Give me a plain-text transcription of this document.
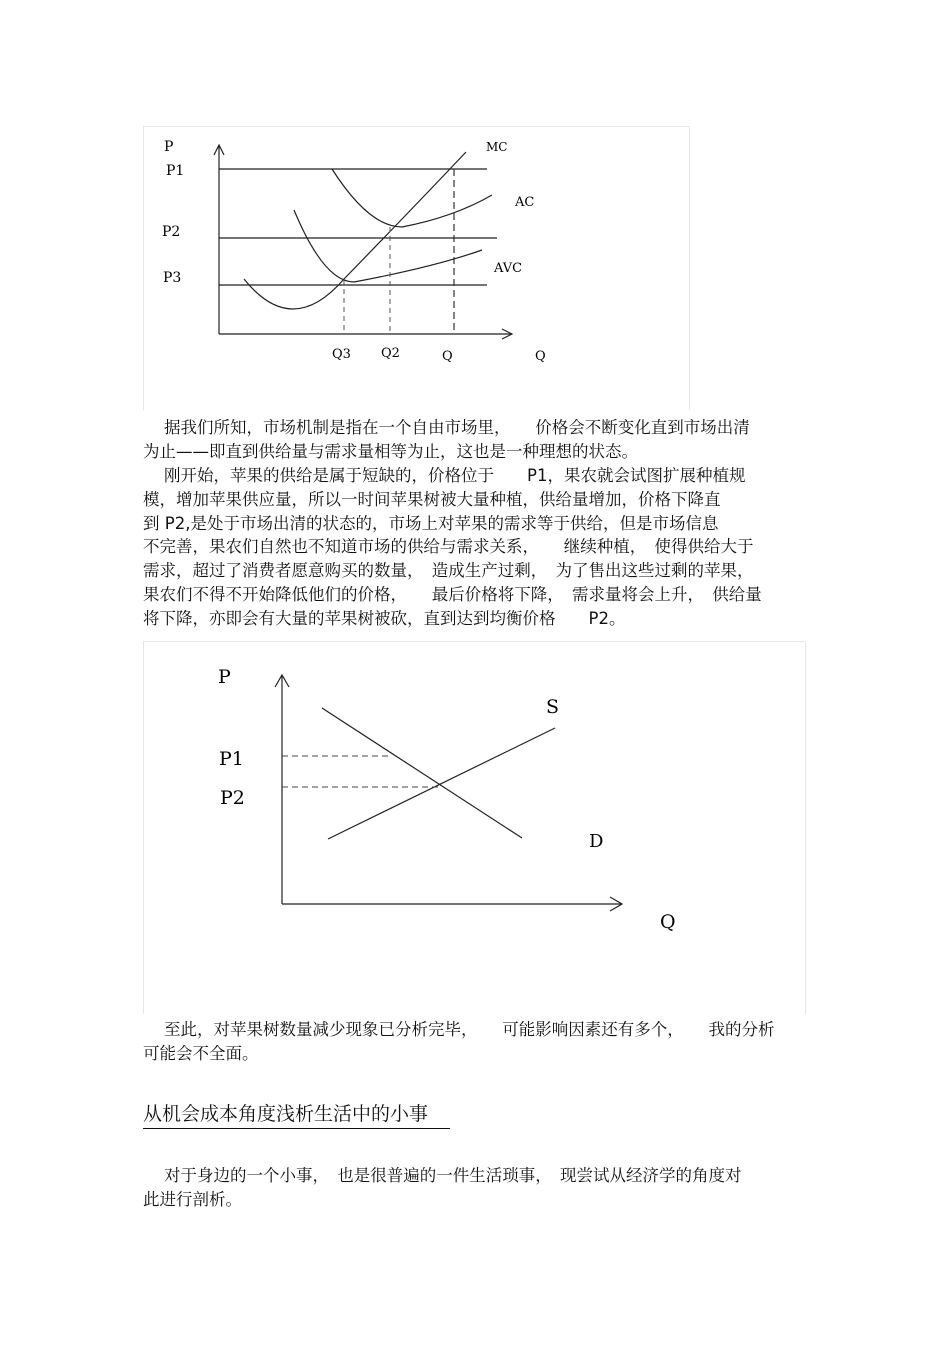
P
P1
P2
P3
MC
AC
AVC
Q3 Q2	Q	Q
据我们所知，市场机制是指在一个自由市场里，　　价格会不断变化直到市场出清
为止——即直到供给量与需求量相等为止，这也是一种理想的状态。
刚开始，苹果的供给是属于短缺的，价格位于　　P1，果农就会试图扩展种植规
模，增加苹果供应量，所以一时间苹果树被大量种植，供给量增加，价格下降直
到 P2,是处于市场出清的状态的，市场上对苹果的需求等于供给，但是市场信息
不完善，果农们自然也不知道市场的供给与需求关系，　　继续种植，　使得供给大于
需求，超过了消费者愿意购买的数量，　造成生产过剩，　为了售出这些过剩的苹果，
果农们不得不开始降低他们的价格，　　最后价格将下降，　需求量将会上升，　供给量
将下降，亦即会有大量的苹果树被砍，直到达到均衡价格　　P2。
P
P1
P2
S
D
Q
至此，对苹果树数量减少现象已分析完毕，　　可能影响因素还有多个，　　我的分析
可能会不全面。
从机会成本角度浅析生活中的小事
对于身边的一个小事，　也是很普遍的一件生活琐事，　现尝试从经济学的角度对
此进行剖析。
